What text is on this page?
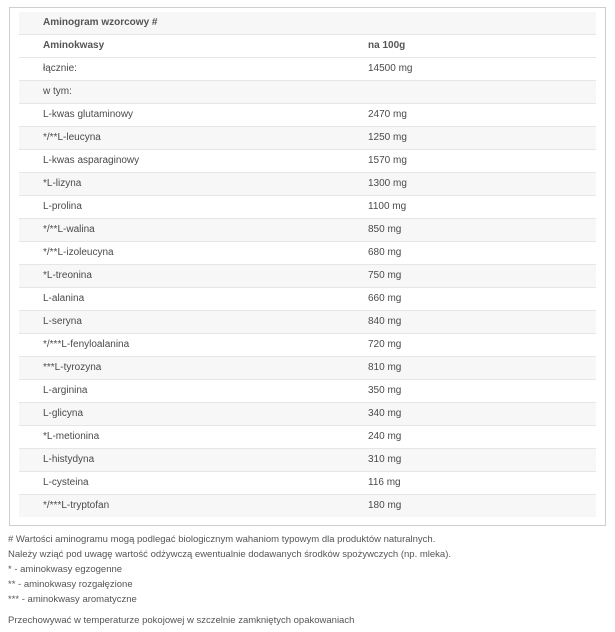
Aminogram wzorcowy #	
Aminokwasy	na 100g
łącznie:	14500 mg
w tym:	
L-kwas glutaminowy	2470 mg
*/**L-leucyna	1250 mg
L-kwas asparaginowy	1570 mg
*L-lizyna	1300 mg
L-prolina	1100 mg
*/**L-walina	850 mg
*/**L-izoleucyna	680 mg
*L-treonina	750 mg
L-alanina	660 mg
L-seryna	840 mg
*/***L-fenyloalanina	720 mg
***L-tyrozyna	810 mg
L-arginina	350 mg
L-glicyna	340 mg
*L-metionina	240 mg
L-histydyna	310 mg
L-cysteina	116 mg
*/***L-tryptofan	180 mg
# Wartości aminogramu mogą podlegać biologicznym wahaniom typowym dla produktów naturalnych.
Należy wziąć pod uwagę wartość odżywczą ewentualnie dodawanych środków spożywczych (np. mleka).
* - aminokwasy egzogenne
** - aminokwasy rozgałęzione
*** - aminokwasy aromatyczne
Przechowywać w temperaturze pokojowej w szczelnie zamkniętych opakowaniach
